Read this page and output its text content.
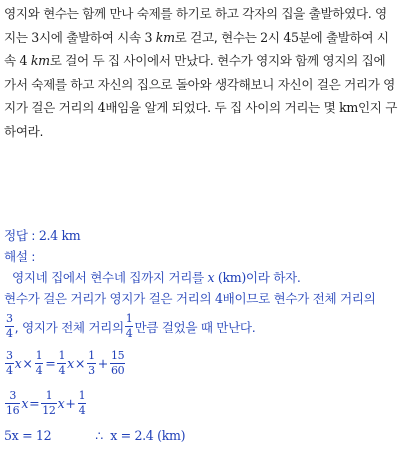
영지와 현수는 함께 만나 숙제를 하기로 하고 각자의 집을 출발하였다. 영지는 3시에 출발하여 시속 3 km로 걷고, 현수는 2시 45분에 출발하여 시속 4 km로 걸어 두 집 사이에서 만났다. 현수가 영지와 함께 영지의 집에 가서 숙제를 하고 자신의 집으로 돌아와 생각해보니 자신이 걸은 거리가 영지가 걸은 거리의 4배임을 알게 되었다. 두 집 사이의 거리는 몇 km인지 구하여라.
정답 : 2.4 km
해설 :
영지네 집에서 현수네 집까지 거리를 x (km)이라 하자.
현수가 걸은 거리가 영지가 걸은 거리의 4배이므로 현수가 전체 거리의
$\frac{3}{4}$ , 영지가 전체 거리의 $\frac{1}{4}$ 만큼 걸었을 때 만난다.
$\frac{3}{4}$ $x \times \frac{1}{4} = \frac{1}{4}$ $x \times \frac{1}{3} + \frac{15}{60}$
$\frac{3}{16}$ $x = \frac{1}{12}$ $x + \frac{1}{4}$
5x = 12	∴ x = 2.4 (km)
